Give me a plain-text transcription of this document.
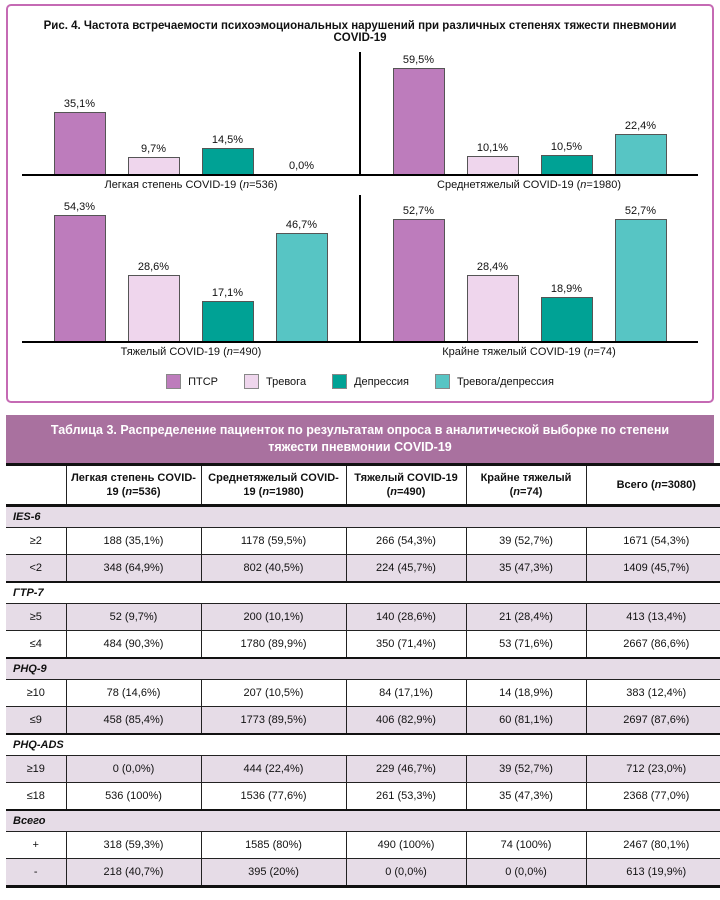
Рис. 4. Частота встречаемости психоэмоциональных нарушений при различных степенях тяжести пневмонии COVID-19
35,1%
9,7%
14,5%
0,0%
59,5%
10,1%	10,5%
22,4%
Легкая степень COVID-19 (n=536)	Среднетяжелый COVID-19 (n=1980)
54,3%
28,6%
17,1%
46,7%
52,7%
28,4%
18,9%
52,7%
Тяжелый COVID-19 (n=490)	Крайне тяжелый COVID-19 (n=74)
ПТСР	Тревога	Депрессия	Тревога/депрессия
Таблица 3. Распределение пациенток по результатам опроса в аналитической выборке по степени тяжести пневмонии COVID-19
	Легкая степень COVID-19 (n=536)	Среднетяжелый COVID-19 (n=1980)	Тяжелый COVID-19 (n=490)	Крайне тяжелый (n=74)	Всего (n=3080)
IES-6					
≥2	188 (35,1%)	1178 (59,5%)	266 (54,3%)	39 (52,7%)	1671 (54,3%)
<2	348 (64,9%)	802 (40,5%)	224 (45,7%)	35 (47,3%)	1409 (45,7%)
ГТР-7					
≥5	52 (9,7%)	200 (10,1%)	140 (28,6%)	21 (28,4%)	413 (13,4%)
≤4	484 (90,3%)	1780 (89,9%)	350 (71,4%)	53 (71,6%)	2667 (86,6%)
PHQ-9					
≥10	78 (14,6%)	207 (10,5%)	84 (17,1%)	14 (18,9%)	383 (12,4%)
≤9	458 (85,4%)	1773 (89,5%)	406 (82,9%)	60 (81,1%)	2697 (87,6%)
PHQ-ADS					
≥19	0 (0,0%)	444 (22,4%)	229 (46,7%)	39 (52,7%)	712 (23,0%)
≤18	536 (100%)	1536 (77,6%)	261 (53,3%)	35 (47,3%)	2368 (77,0%)
Всего					
+	318 (59,3%)	1585 (80%)	490 (100%)	74 (100%)	2467 (80,1%)
-	218 (40,7%)	395 (20%)	0 (0,0%)	0 (0,0%)	613 (19,9%)
